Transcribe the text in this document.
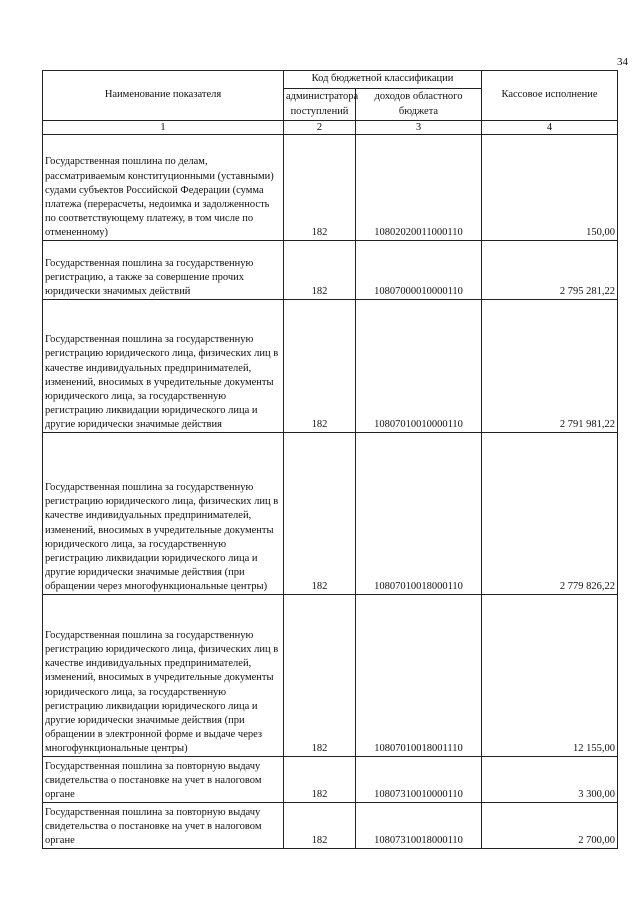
34
Наименование показателя	Код бюджетной классификации		Кассовое исполнение
	администратора поступлений	доходов областного бюджета	
1	2	3	4
Государственная пошлина по делам, рассматриваемым конституционными (уставными) судами субъектов Российской Федерации (сумма платежа (перерасчеты, недоимка и задолженность по соответствующему платежу, в том числе по отмененному)	182	10802020011000110	150,00
Государственная пошлина за государственную регистрацию, а также за совершение прочих юридически значимых действий	182	10807000010000110	2 795 281,22
Государственная пошлина за государственную регистрацию юридического лица, физических лиц в качестве индивидуальных предпринимателей, изменений, вносимых в учредительные документы юридического лица, за государственную регистрацию ликвидации юридического лица и другие юридически значимые действия	182	10807010010000110	2 791 981,22
Государственная пошлина за государственную регистрацию юридического лица, физических лиц в качестве индивидуальных предпринимателей, изменений, вносимых в учредительные документы юридического лица, за государственную регистрацию ликвидации юридического лица и другие юридически значимые действия (при обращении через многофункциональные центры)	182	10807010018000110	2 779 826,22
Государственная пошлина за государственную регистрацию юридического лица, физических лиц в качестве индивидуальных предпринимателей, изменений, вносимых в учредительные документы юридического лица, за государственную регистрацию ликвидации юридического лица и другие юридически значимые действия (при обращении в электронной форме и выдаче через многофункциональные центры)	182	10807010018001110	12 155,00
Государственная пошлина за повторную выдачу свидетельства о постановке на учет в налоговом органе	182	10807310010000110	3 300,00
Государственная пошлина за повторную выдачу свидетельства о постановке на учет в налоговом органе	182	10807310018000110	2 700,00
